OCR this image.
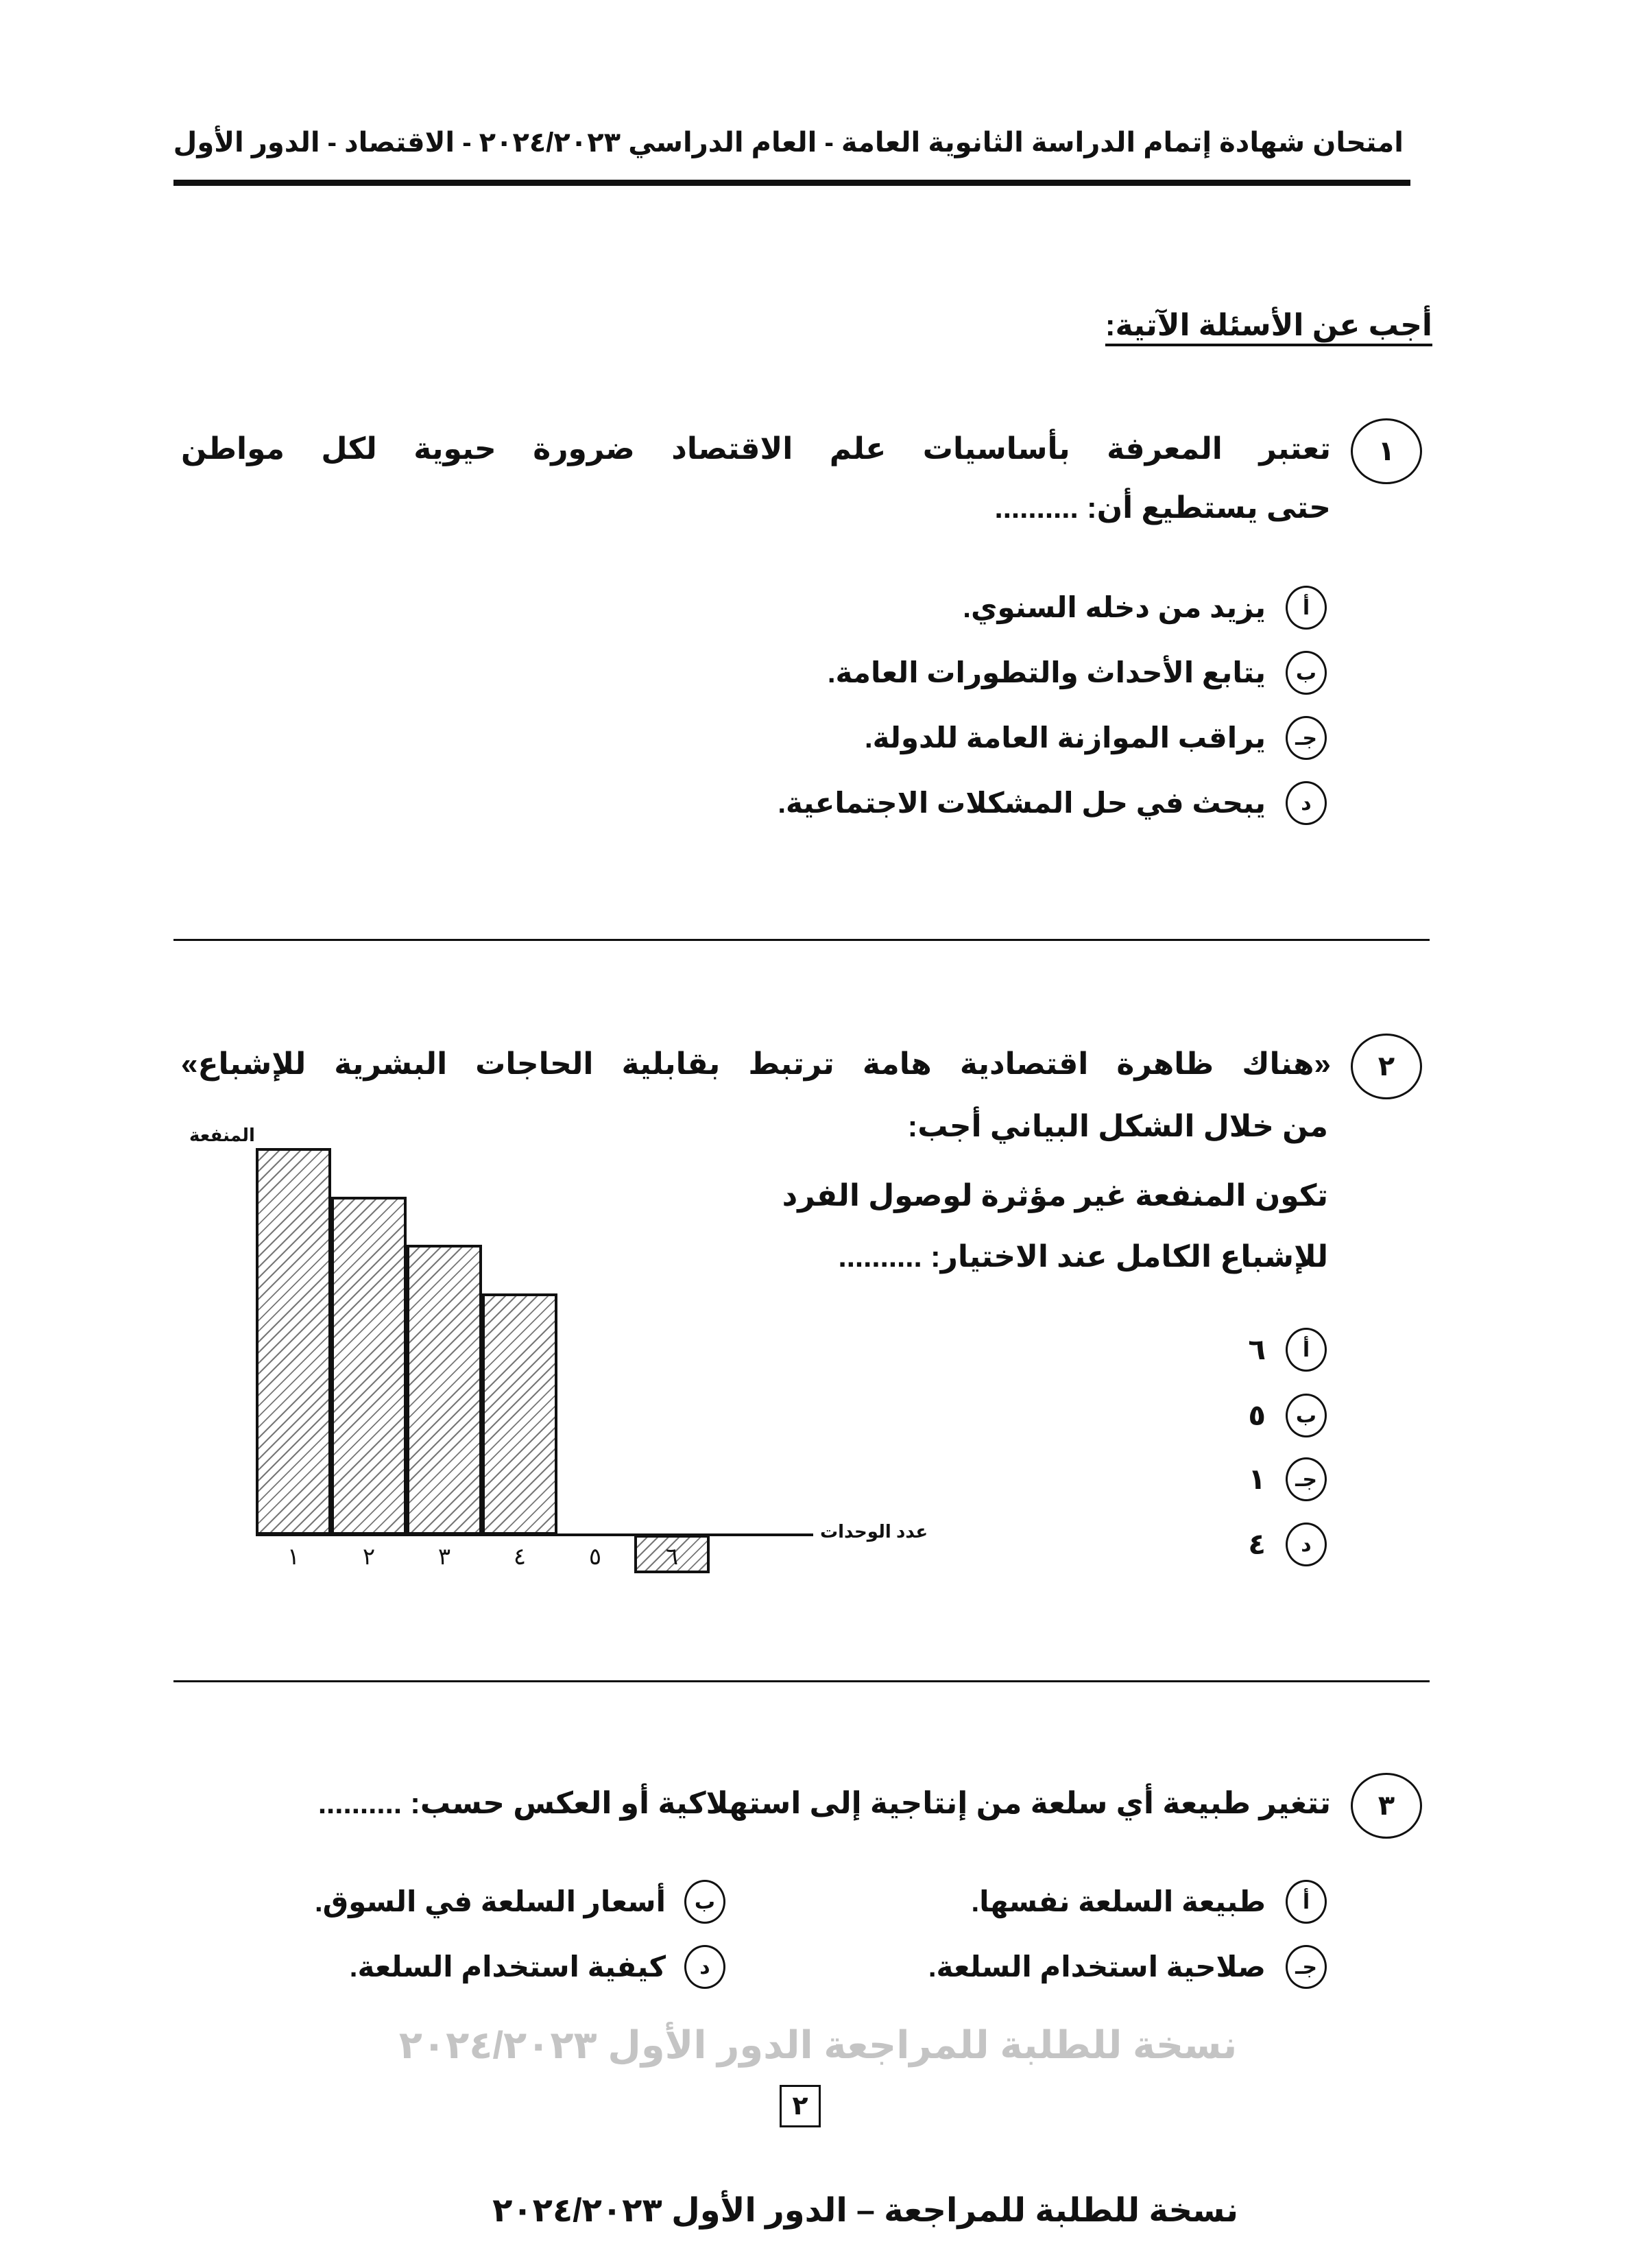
نسخة للطلبة للمراجعة الدور الأول ٢٠٢٤/٢٠٢٣
امتحان شهادة إتمام الدراسة الثانوية العامة - العام الدراسي ٢٠٢٤/٢٠٢٣ - الاقتصاد - الدور الأول
أجب عن الأسئلة الآتية:
١
تعتبر المعرفة بأساسيات علم الاقتصاد ضرورة حيوية لكل مواطن
حتى يستطيع أن: ..........
أ
يزيد من دخله السنوي.
ب
يتابع الأحداث والتطورات العامة.
جـ
يراقب الموازنة العامة للدولة.
د
يبحث في حل المشكلات الاجتماعية.
٢
«هناك ظاهرة اقتصادية هامة ترتبط بقابلية الحاجات البشرية للإشباع»
من خلال الشكل البياني أجب:
تكون المنفعة غير مؤثرة لوصول الفرد
للإشباع الكامل عند الاختيار: ..........
أ
٦
ب
٥
جـ
١
د
٤
المنفعة
عدد الوحدات
١	٢	٣	٤	٥	٦
٣
تتغير طبيعة أي سلعة من إنتاجية إلى استهلاكية أو العكس حسب: ..........
أ
طبيعة السلعة نفسها.
ب
أسعار السلعة في السوق.
جـ
صلاحية استخدام السلعة.
د
كيفية استخدام السلعة.
٢
نسخة للطلبة للمراجعة – الدور الأول ٢٠٢٤/٢٠٢٣
